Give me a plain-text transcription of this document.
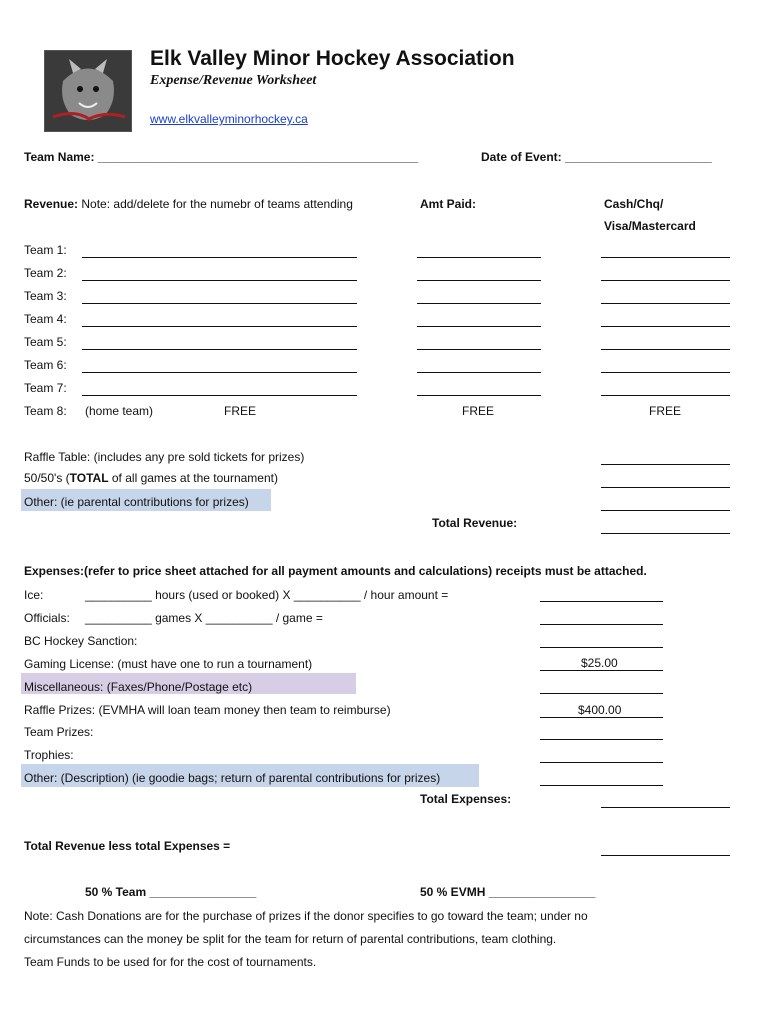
Elk Valley Minor Hockey Association
Expense/Revenue Worksheet
www.elkvalleyminorhockey.ca
Team Name: ________________________________________________	Date of Event: ______________________
Revenue: Note: add/delete for the numebr of teams attending	Amt Paid:	Cash/Chq/
Visa/Mastercard
Team 1:
Team 2:
Team 3:
Team 4:
Team 5:
Team 6:
Team 7:
Team 8: (home team)	FREE	FREE	FREE
Raffle Table: (includes any pre sold tickets for prizes)
50/50's (TOTAL of all games at the tournament)
Other: (ie parental contributions for prizes)
Total Revenue:
Expenses:(refer to price sheet attached for all payment amounts and calculations) receipts must be attached.
Ice:	__________ hours (used or booked) X __________ / hour amount =
Officials: __________ games X __________ / game =
BC Hockey Sanction:
Gaming License: (must have one to run a tournament)	$25.00
Miscellaneous: (Faxes/Phone/Postage etc)
Raffle Prizes: (EVMHA will loan team money then team to reimburse)	$400.00
Team Prizes:
Trophies:
Other: (Description) (ie goodie bags; return of parental contributions for prizes)
Total Expenses:
Total Revenue less total Expenses =
50 % Team ________________	50 % EVMH ________________
Note: Cash Donations are for the purchase of prizes if the donor specifies to go toward the team; under no
circumstances can the money be split for the team for return of parental contributions, team clothing.
Team Funds to be used for for the cost of tournaments.
